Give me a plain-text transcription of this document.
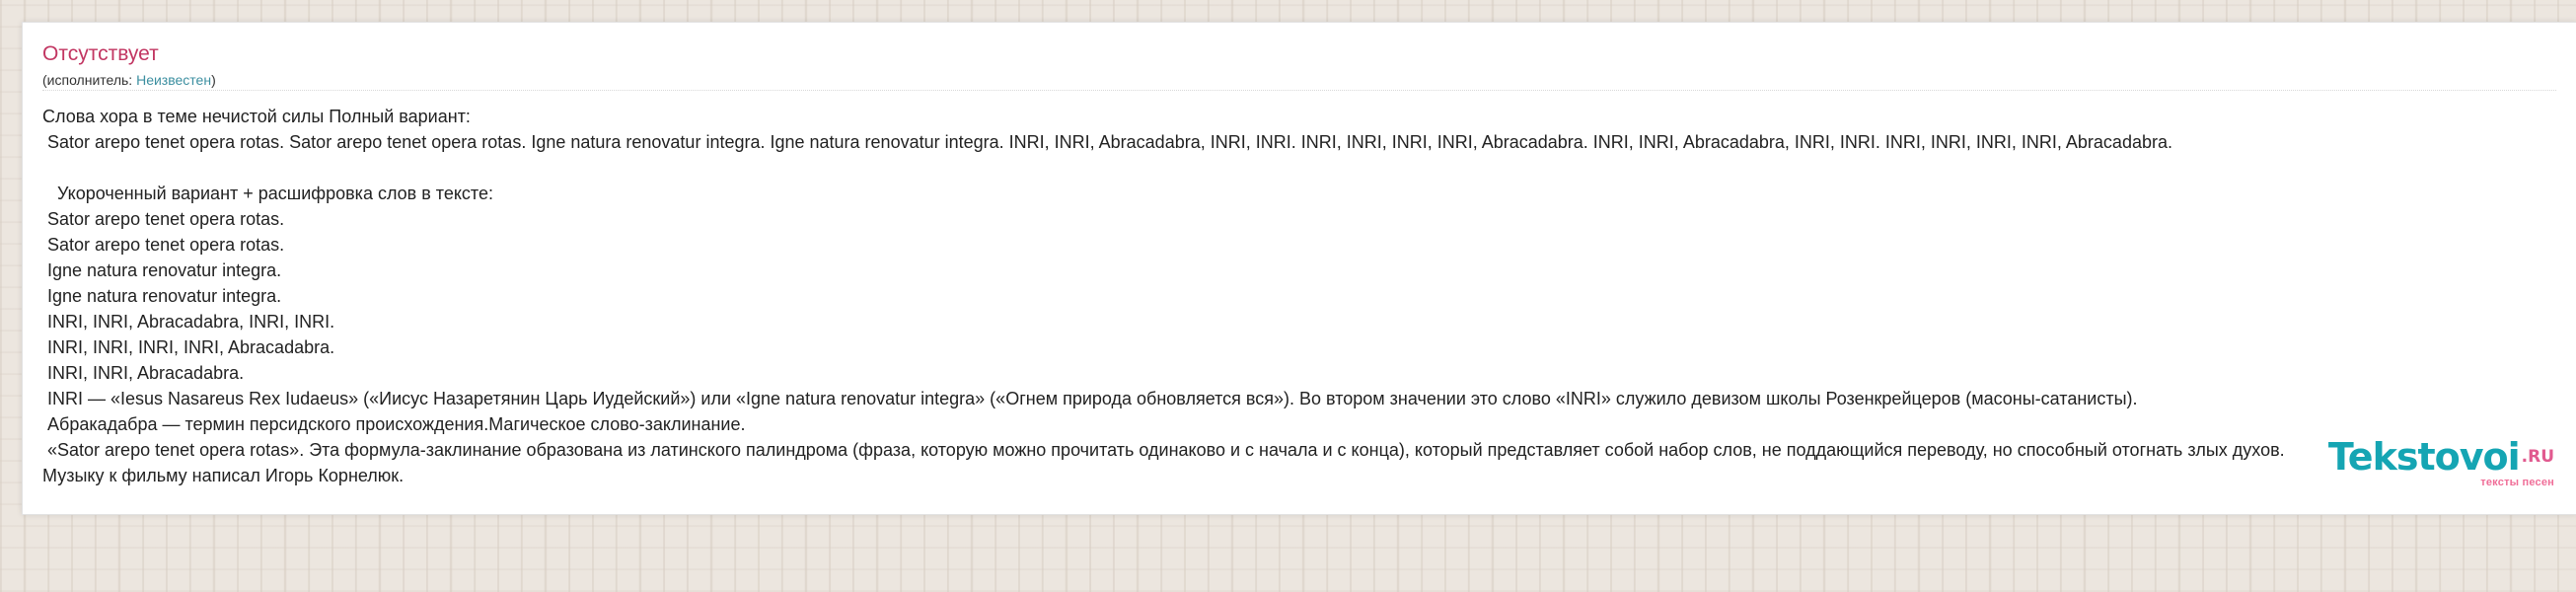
Отсутствует
(исполнитель: Неизвестен)
Слова хора в теме нечистой силы Полный вариант:
Sator arepo tenet opera rotas. Sator arepo tenet opera rotas. Igne natura renovatur integra. Igne natura renovatur integra. INRI, INRI, Abracadabra, INRI, INRI. INRI, INRI, INRI, INRI, Abracadabra. INRI, INRI, Abracadabra, INRI, INRI. INRI, INRI, INRI, INRI, Abracadabra.

Укороченный вариант + расшифровка слов в тексте:
Sator arepo tenet opera rotas.
Sator arepo tenet opera rotas.
Igne natura renovatur integra.
Igne natura renovatur integra.
INRI, INRI, Abracadabra, INRI, INRI.
INRI, INRI, INRI, INRI, Abracadabra.
INRI, INRI, Abracadabra.
INRI — «Iesus Nasareus Rex Iudaeus» («Иисус Назаретянин Царь Иудейский») или «Igne natura renovatur integra» («Огнем природа обновляется вся»). Во втором значении это слово «INRI» служило девизом школы Розенкрейцеров (масоны-сатанисты).
Абракадабра — термин персидского происхождения.Магическое слово-заклинание.
«Sator arepo tenet opera rotas». Эта формула-заклинание образована из латинского палиндрома (фраза, которую можно прочитать одинаково и с начала и с конца), который представляет собой набор слов, не поддающийся переводу, но способный отогнать злых духов.
Музыку к фильму написал Игорь Корнелюк.	Tekstovoi .RU
тексты песен
